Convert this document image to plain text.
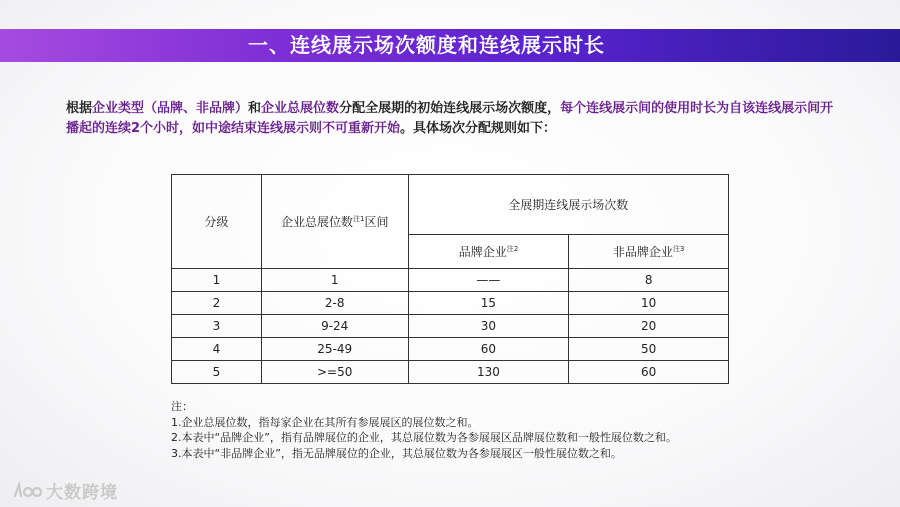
一、连线展示场次额度和连线展示时长
根据企业类型（品牌、非品牌）和企业总展位数分配全展期的初始连线展示场次额度，每个连线展示间的使用时长为自该连线展示间开播起的连续2个小时，如中途结束连线展示则不可重新开始。具体场次分配规则如下：
分级	企业总展位数$^{注1}$区间	全展期连线展示场次数	
		品牌企业$^{注2}$	非品牌企业$^{注3}$
1	1	——	8
2	2-8	15	10
3	9-24	30	20
4	25-49	60	50
5	>=50	130	60
注：
1.企业总展位数，指每家企业在其所有参展展区的展位数之和。
2.本表中“品牌企业”，指有品牌展位的企业，其总展位数为各参展展区品牌展位数和一般性展位数之和。
3.本表中“非品牌企业”，指无品牌展位的企业，其总展位数为各参展展区一般性展位数之和。
大数跨境
